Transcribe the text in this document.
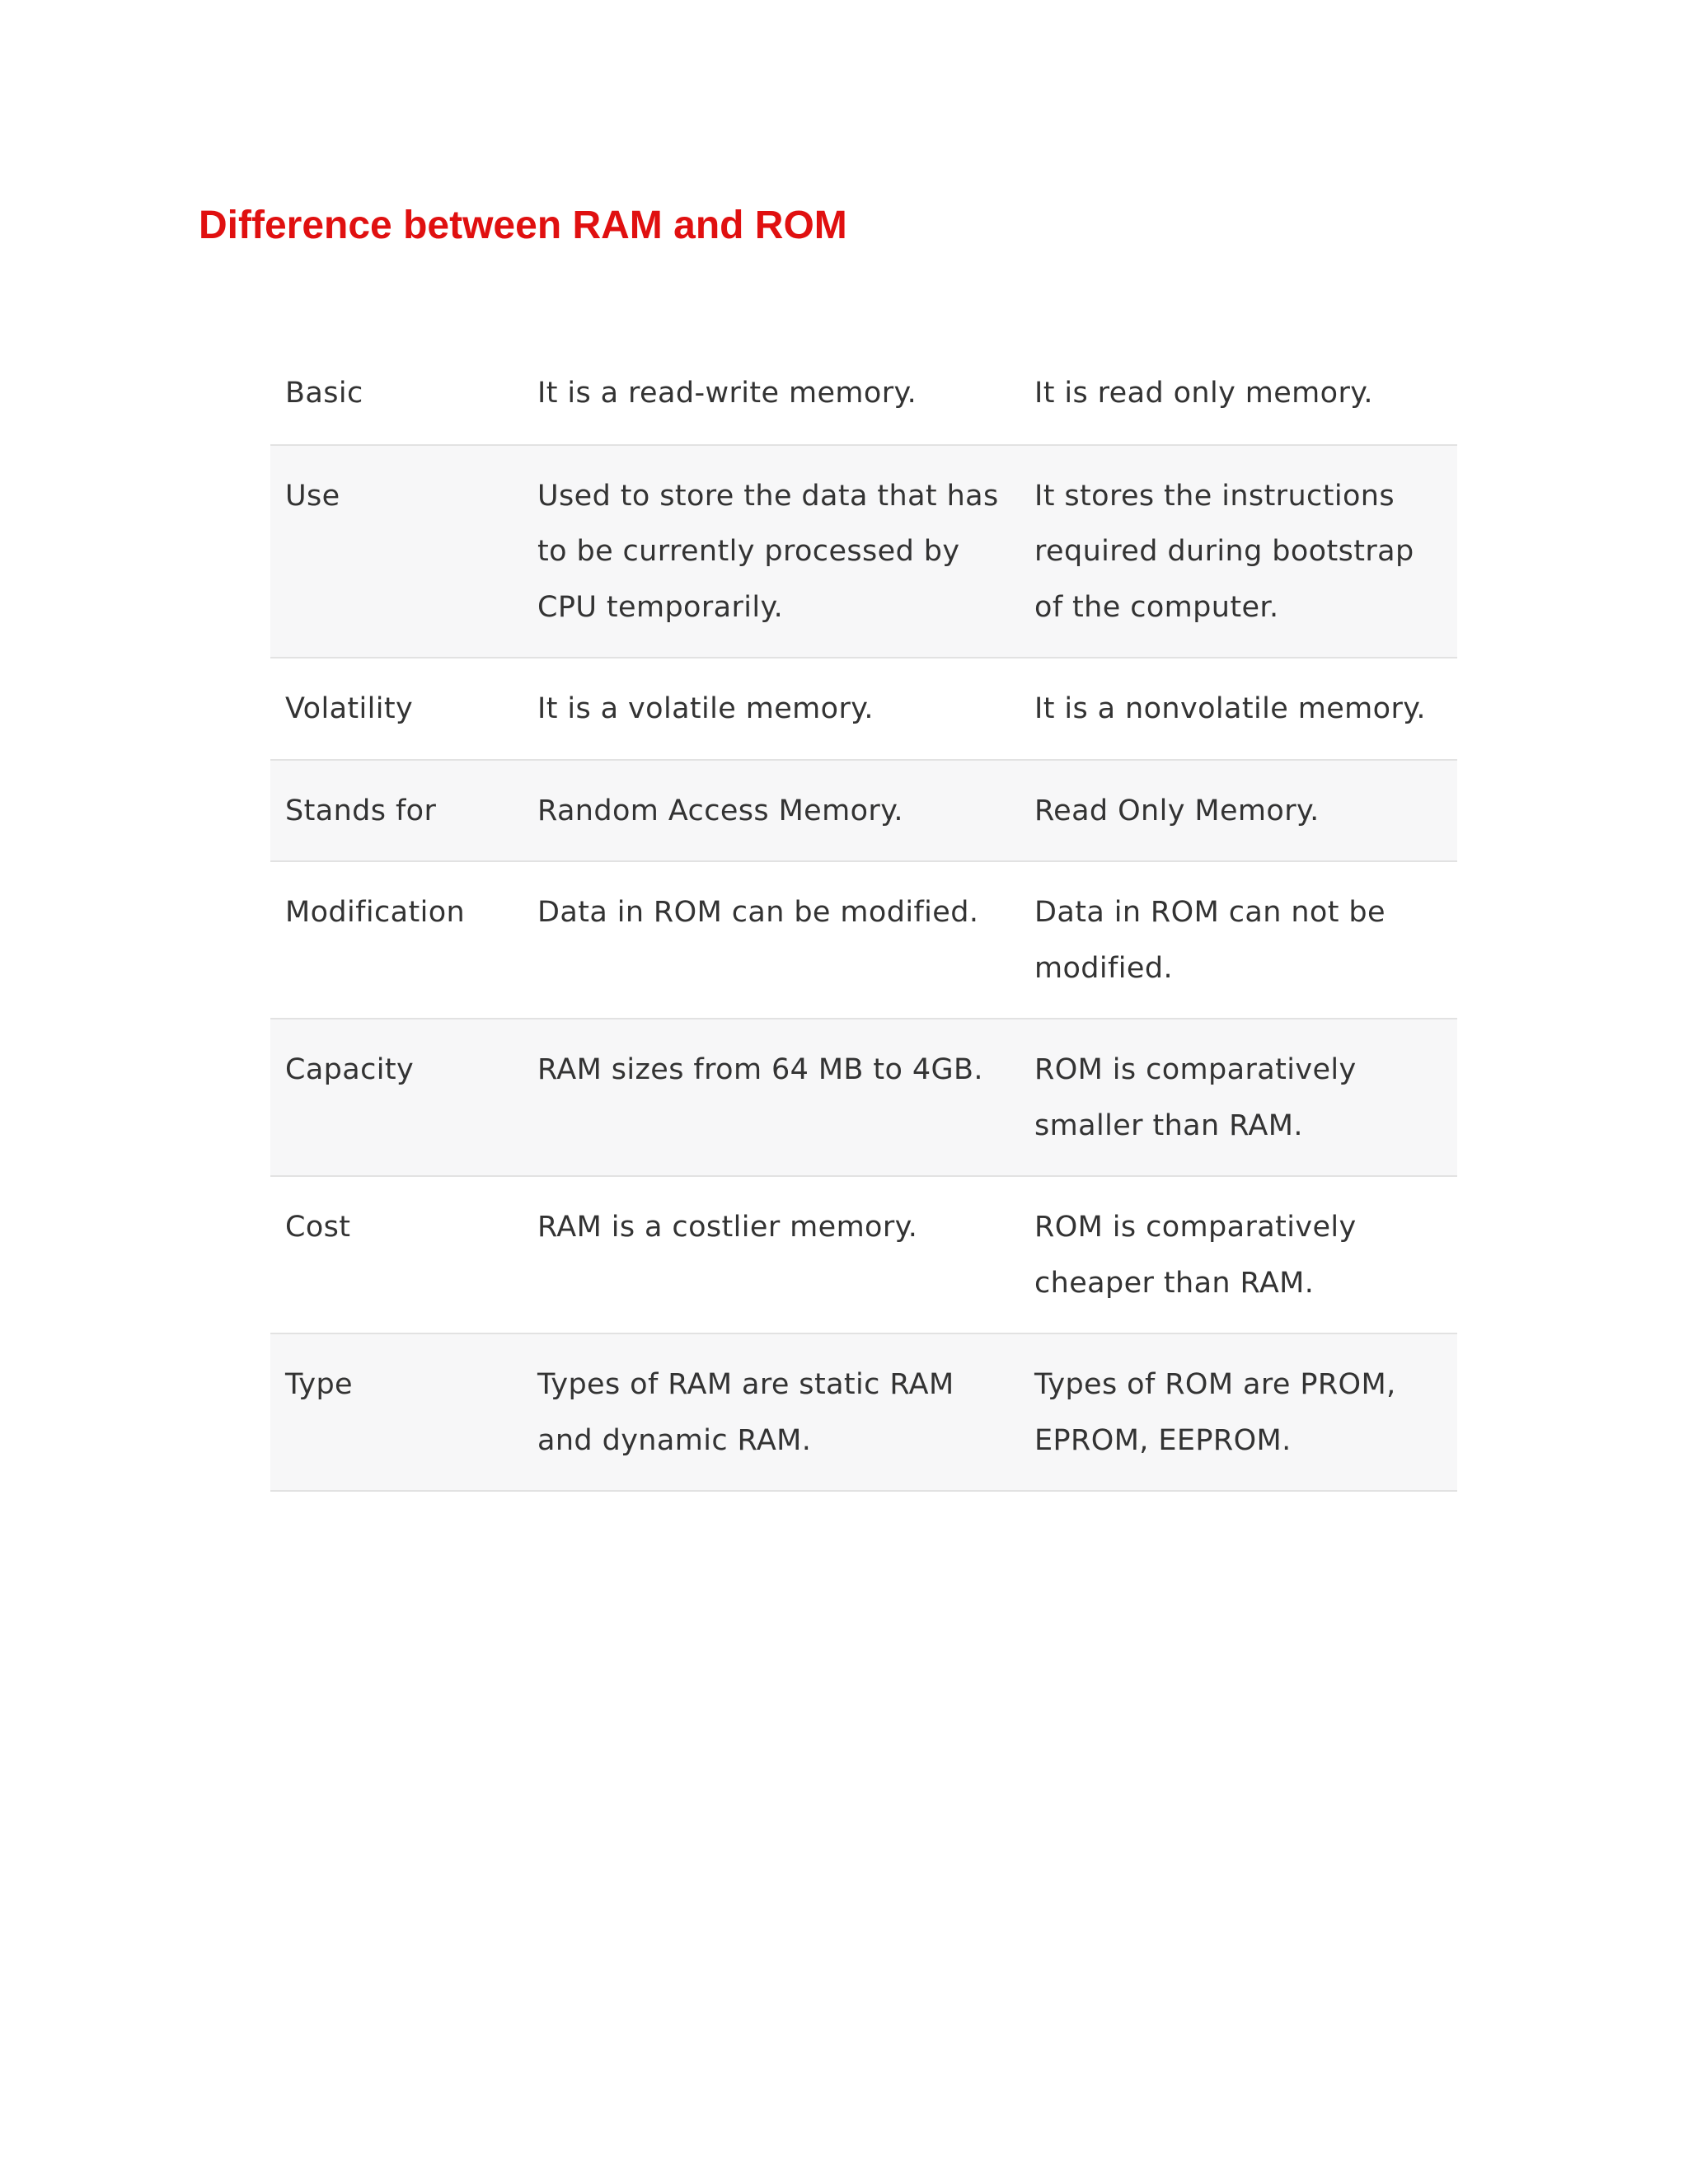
Difference between RAM and ROM
Basic	It is a read-write memory.	It is read only memory.
Use	Used to store the data that has to be currently processed by CPU temporarily.	It stores the instructions required during bootstrap of the computer.
Volatility	It is a volatile memory.	It is a nonvolatile memory.
Stands for	Random Access Memory.	Read Only Memory.
Modification	Data in ROM can be modified.	Data in ROM can not be modified.
Capacity	RAM sizes from 64 MB to 4GB.	ROM is comparatively smaller than RAM.
Cost	RAM is a costlier memory.	ROM is comparatively cheaper than RAM.
Type	Types of RAM are static RAM and dynamic RAM.	Types of ROM are PROM, EPROM, EEPROM.
